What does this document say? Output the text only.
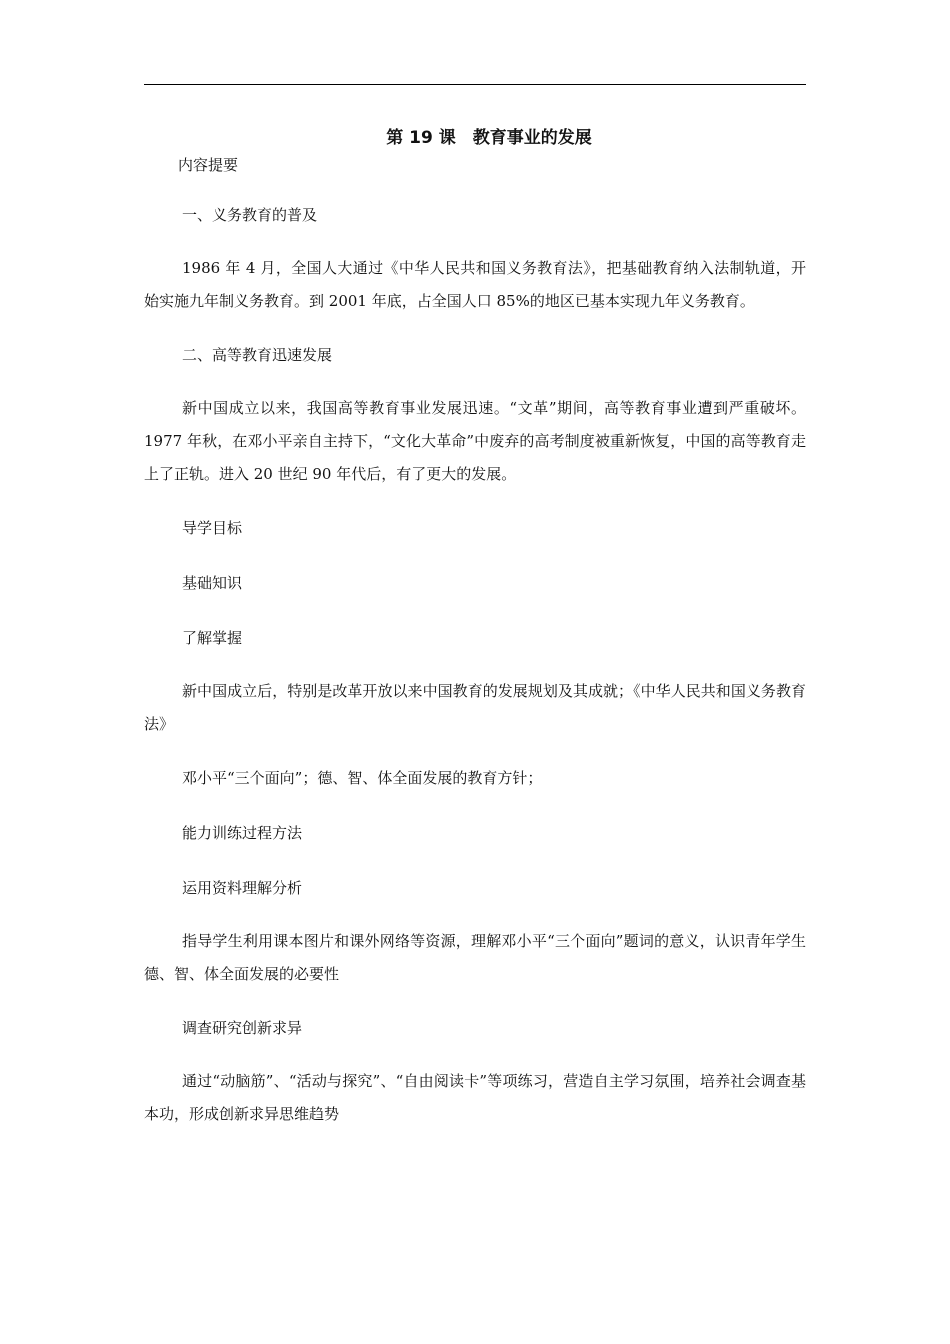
第 19 课　教育事业的发展

内容提要

一、义务教育的普及

1986 年 4 月，全国人大通过《中华人民共和国义务教育法》，把基础教育纳入法制轨道，开始实施九年制义务教育。到 2001 年底，占全国人口 85%的地区已基本实现九年义务教育。

二、高等教育迅速发展

新中国成立以来，我国高等教育事业发展迅速。“文革”期间，高等教育事业遭到严重破坏。1977 年秋，在邓小平亲自主持下，“文化大革命”中废弃的高考制度被重新恢复，中国的高等教育走上了正轨。进入 20 世纪 90 年代后，有了更大的发展。

导学目标

基础知识

了解掌握

新中国成立后，特别是改革开放以来中国教育的发展规划及其成就；《中华人民共和国义务教育法》

邓小平“三个面向”；德、智、体全面发展的教育方针；

能力训练过程方法

运用资料理解分析

指导学生利用课本图片和课外网络等资源，理解邓小平“三个面向”题词的意义，认识青年学生德、智、体全面发展的必要性

调查研究创新求异

通过“动脑筋”、“活动与探究”、“自由阅读卡”等项练习，营造自主学习氛围，培养社会调查基本功，形成创新求异思维趋势
